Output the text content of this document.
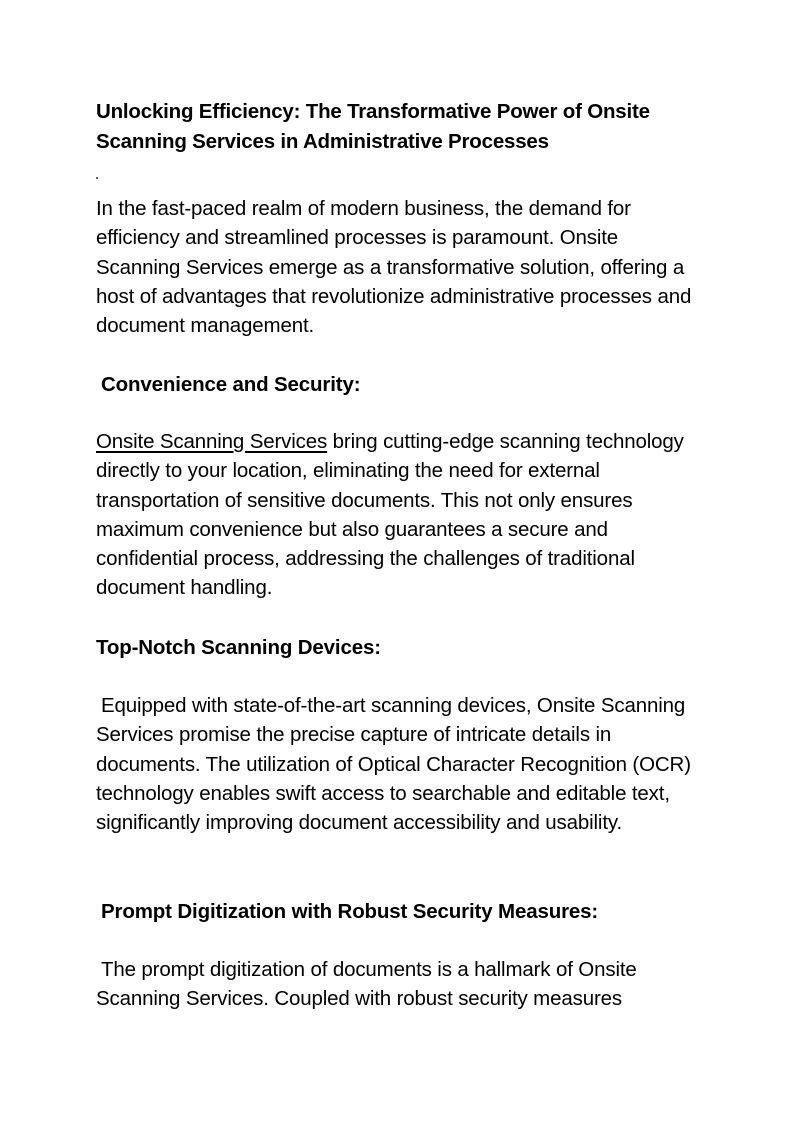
Unlocking Efficiency: The Transformative Power of Onsite Scanning Services in Administrative Processes
In the fast-paced realm of modern business, the demand for efficiency and streamlined processes is paramount. Onsite Scanning Services emerge as a transformative solution, offering a host of advantages that revolutionize administrative processes and document management.
Convenience and Security:
Onsite Scanning Services bring cutting-edge scanning technology directly to your location, eliminating the need for external transportation of sensitive documents. This not only ensures maximum convenience but also guarantees a secure and confidential process, addressing the challenges of traditional document handling.
Top-Notch Scanning Devices:
Equipped with state-of-the-art scanning devices, Onsite Scanning Services promise the precise capture of intricate details in documents. The utilization of Optical Character Recognition (OCR) technology enables swift access to searchable and editable text, significantly improving document accessibility and usability.
Prompt Digitization with Robust Security Measures:
The prompt digitization of documents is a hallmark of Onsite Scanning Services. Coupled with robust security measures
